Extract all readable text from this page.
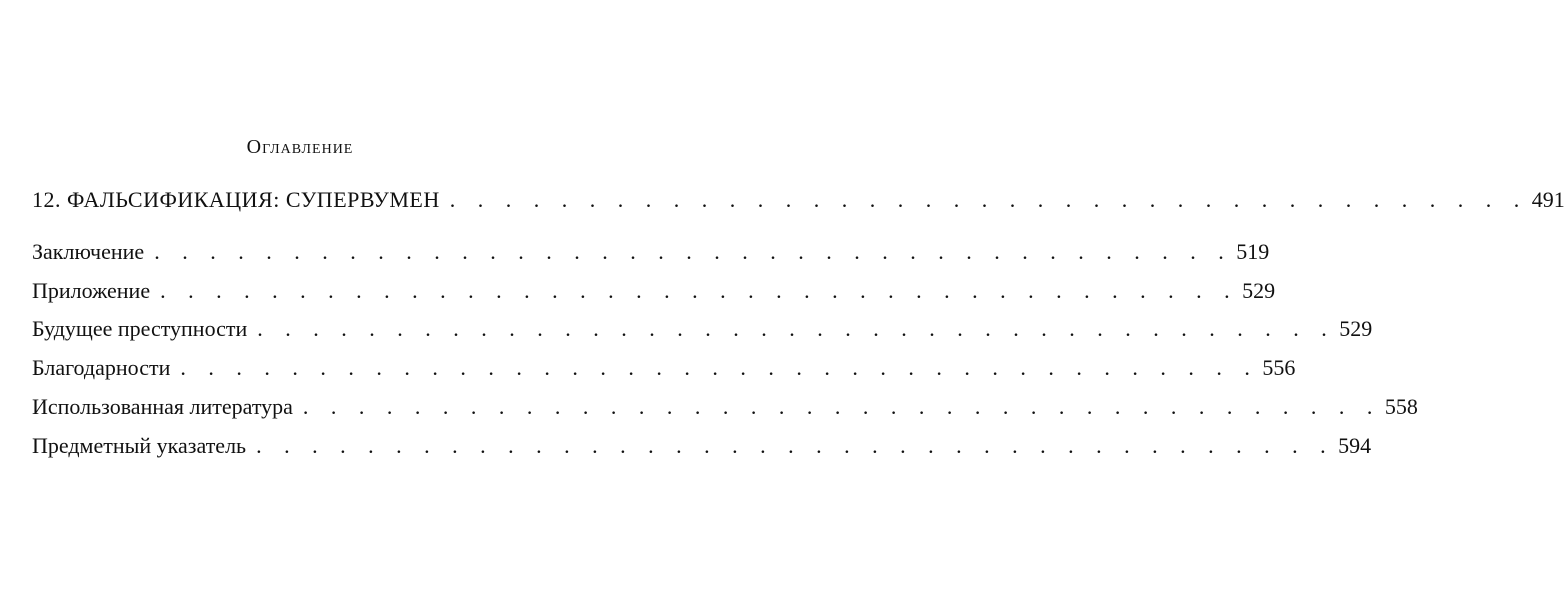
Оглавление
12. ФАЛЬСИФИКАЦИЯ: СУПЕРВУМЕН . . . . . . . . . . . . . . . . . . . . . . . . . . . . . . . . . . . . . . . 491
Заключение . . . . . . . . . . . . . . . . . . . . . . . . . . . . . . . . . . . . . . . 519
Приложение . . . . . . . . . . . . . . . . . . . . . . . . . . . . . . . . . . . . . . . 529
Будущее преступности . . . . . . . . . . . . . . . . . . . . . . . . . . . . . . . . . . . . . . . 529
Благодарности . . . . . . . . . . . . . . . . . . . . . . . . . . . . . . . . . . . . . . . 556
Использованная литература . . . . . . . . . . . . . . . . . . . . . . . . . . . . . . . . . . . . . . . 558
Предметный указатель . . . . . . . . . . . . . . . . . . . . . . . . . . . . . . . . . . . . . . . 594
